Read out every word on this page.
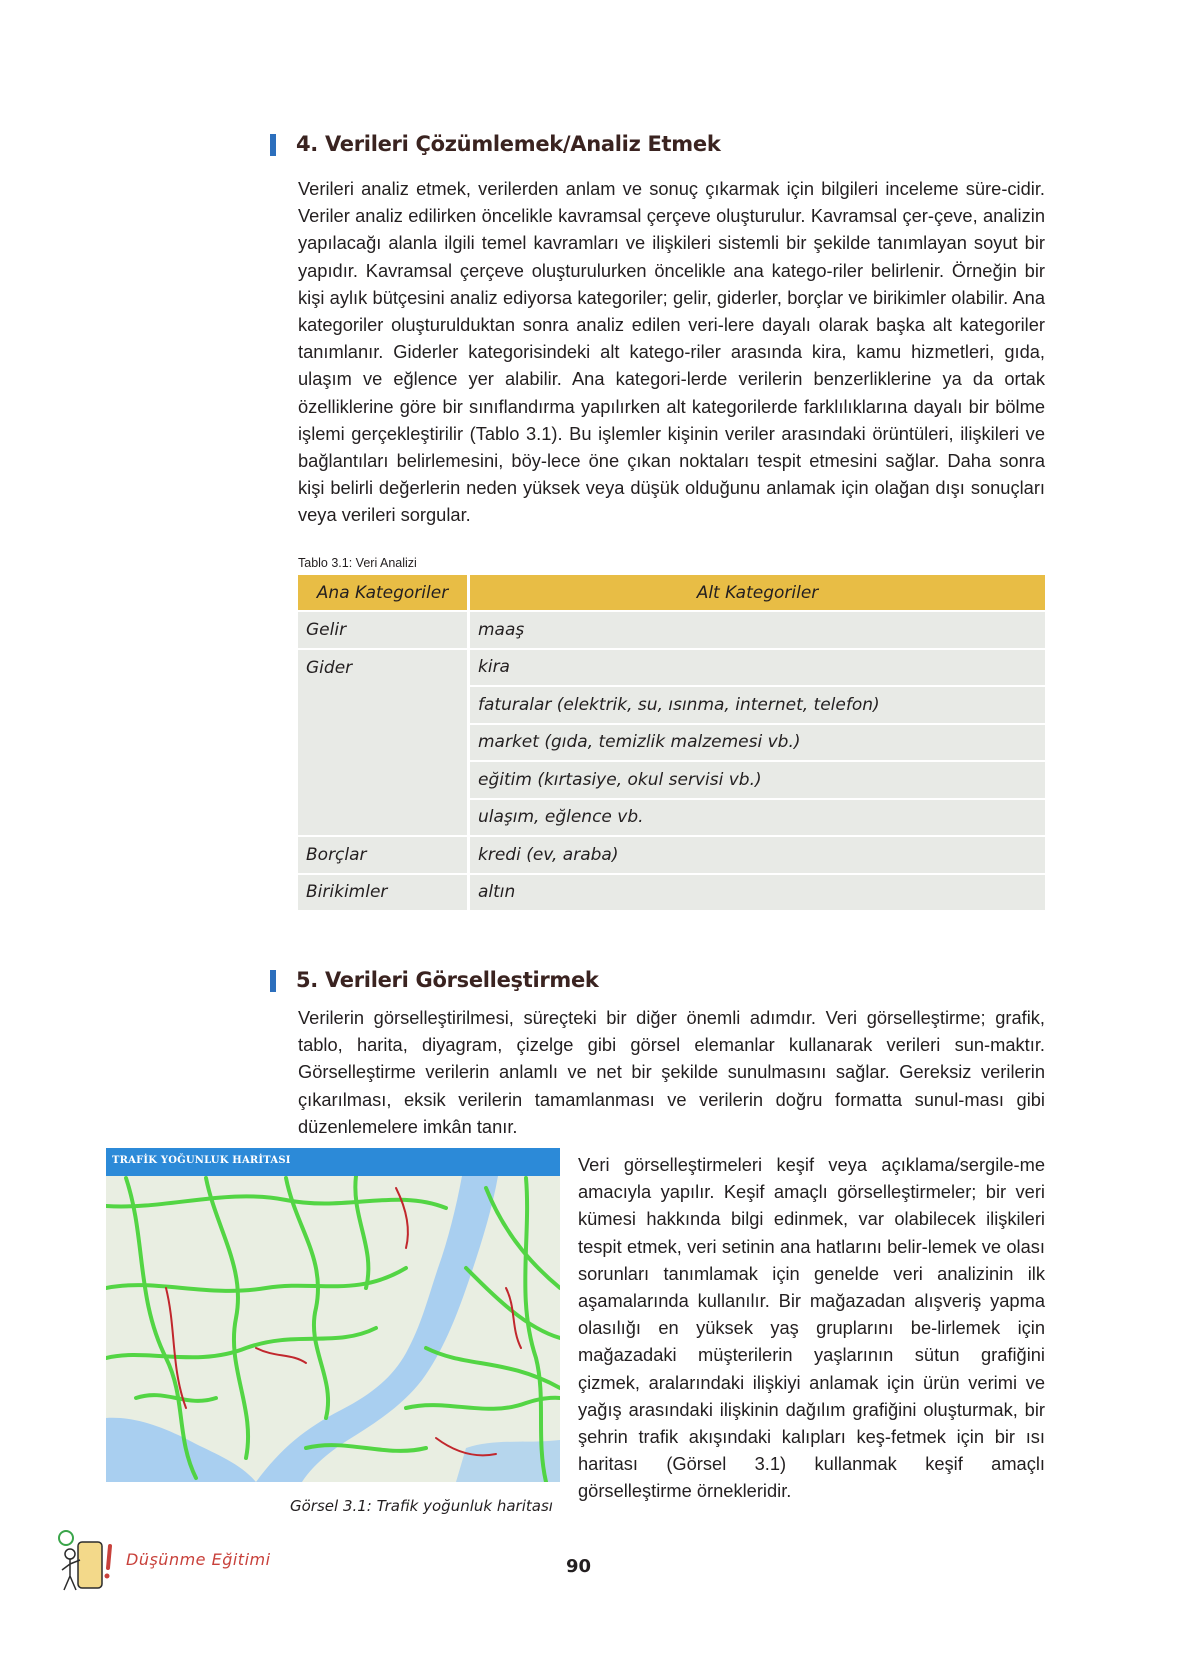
4. Verileri Çözümlemek/Analiz Etmek
Verileri analiz etmek, verilerden anlam ve sonuç çıkarmak için bilgileri inceleme süre-cidir. Veriler analiz edilirken öncelikle kavramsal çerçeve oluşturulur. Kavramsal çer-çeve, analizin yapılacağı alanla ilgili temel kavramları ve ilişkileri sistemli bir şekilde tanımlayan soyut bir yapıdır. Kavramsal çerçeve oluşturulurken öncelikle ana katego-riler belirlenir. Örneğin bir kişi aylık bütçesini analiz ediyorsa kategoriler; gelir, giderler, borçlar ve birikimler olabilir. Ana kategoriler oluşturulduktan sonra analiz edilen veri-lere dayalı olarak başka alt kategoriler tanımlanır. Giderler kategorisindeki alt katego-riler arasında kira, kamu hizmetleri, gıda, ulaşım ve eğlence yer alabilir. Ana kategori-lerde verilerin benzerliklerine ya da ortak özelliklerine göre bir sınıflandırma yapılırken alt kategorilerde farklılıklarına dayalı bir bölme işlemi gerçekleştirilir (Tablo 3.1). Bu işlemler kişinin veriler arasındaki örüntüleri, ilişkileri ve bağlantıları belirlemesini, böy-lece öne çıkan noktaları tespit etmesini sağlar. Daha sonra kişi belirli değerlerin neden yüksek veya düşük olduğunu anlamak için olağan dışı sonuçları veya verileri sorgular.
Tablo 3.1: Veri Analizi
Ana Kategoriler	Alt Kategoriler
Gelir	maaş
Gider	kira
	faturalar (elektrik, su, ısınma, internet, telefon)
	market (gıda, temizlik malzemesi vb.)
	eğitim (kırtasiye, okul servisi vb.)
	ulaşım, eğlence vb.
Borçlar	kredi (ev, araba)
Birikimler	altın
5. Verileri Görselleştirmek
Verilerin görselleştirilmesi, süreçteki bir diğer önemli adımdır. Veri görselleştirme; grafik, tablo, harita, diyagram, çizelge gibi görsel elemanlar kullanarak verileri sun-maktır. Görselleştirme verilerin anlamlı ve net bir şekilde sunulmasını sağlar. Gereksiz verilerin çıkarılması, eksik verilerin tamamlanması ve verilerin doğru formatta sunul-ması gibi düzenlemelere imkân tanır.
TRAFİK YOĞUNLUK HARİTASI	Veri görselleştirmeleri keşif veya açıklama/sergile-me amacıyla yapılır. Keşif amaçlı görselleştirmeler; bir veri kümesi hakkında bilgi edinmek, var olabilecek ilişkileri tespit etmek, veri setinin ana hatlarını belir-lemek ve olası sorunları tanımlamak için genelde veri analizinin ilk aşamalarında kullanılır. Bir mağazadan alışveriş yapma olasılığı en yüksek yaş gruplarını be-lirlemek için mağazadaki müşterilerin yaşlarının sütun grafiğini çizmek, aralarındaki ilişkiyi anlamak için ürün verimi ve yağış arasındaki ilişkinin dağılım grafiğini oluşturmak, bir şehrin trafik akışındaki kalıpları keş-fetmek için bir ısı haritası (Görsel 3.1) kullanmak keşif amaçlı görselleştirme örnekleridir.
Görsel 3.1: Trafik yoğunluk haritası
Düşünme Eğitimi	90
